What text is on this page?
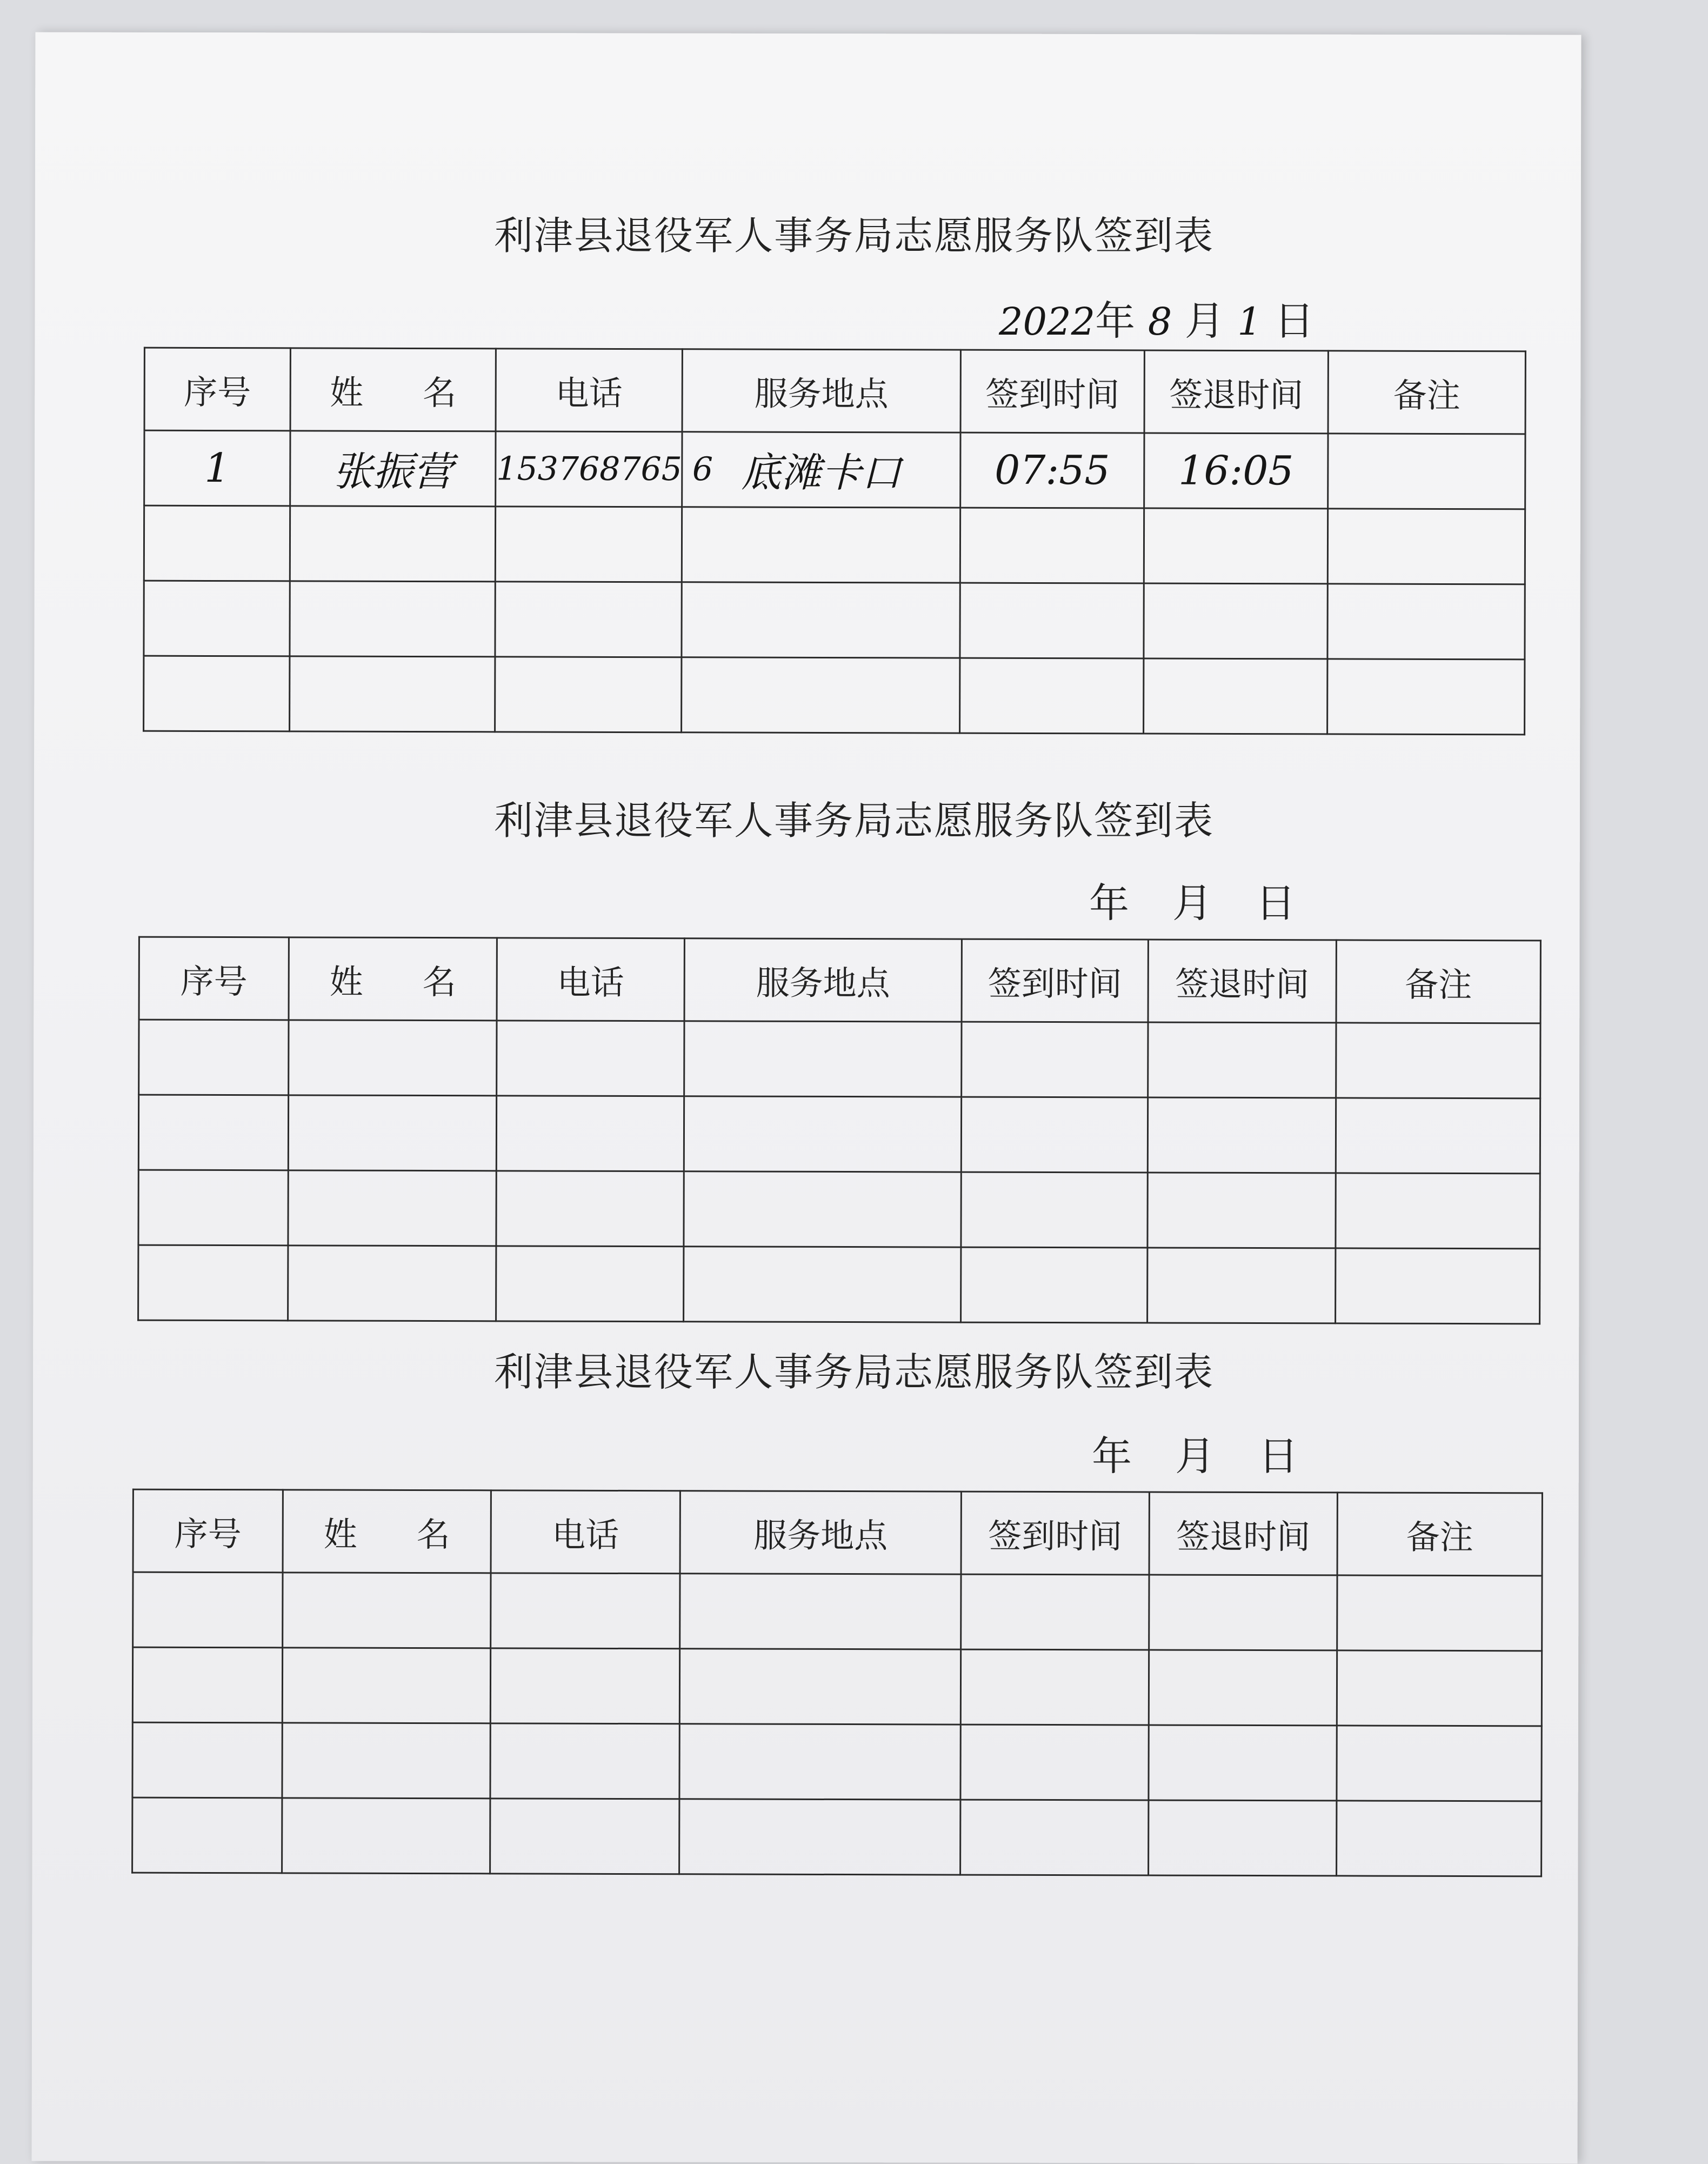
利津县退役军人事务局志愿服务队签到表
2022年 8 月 1 日
序号	姓 名	电话	服务地点	签到时间	签退时间	备注
1	张振营	153768765 6	底滩卡口	07:55	16:05	

利津县退役军人事务局志愿服务队签到表
年 月 日
序号	姓 名	电话	服务地点	签到时间	签退时间	备注

利津县退役军人事务局志愿服务队签到表
年 月 日
序号	姓 名	电话	服务地点	签到时间	签退时间	备注
